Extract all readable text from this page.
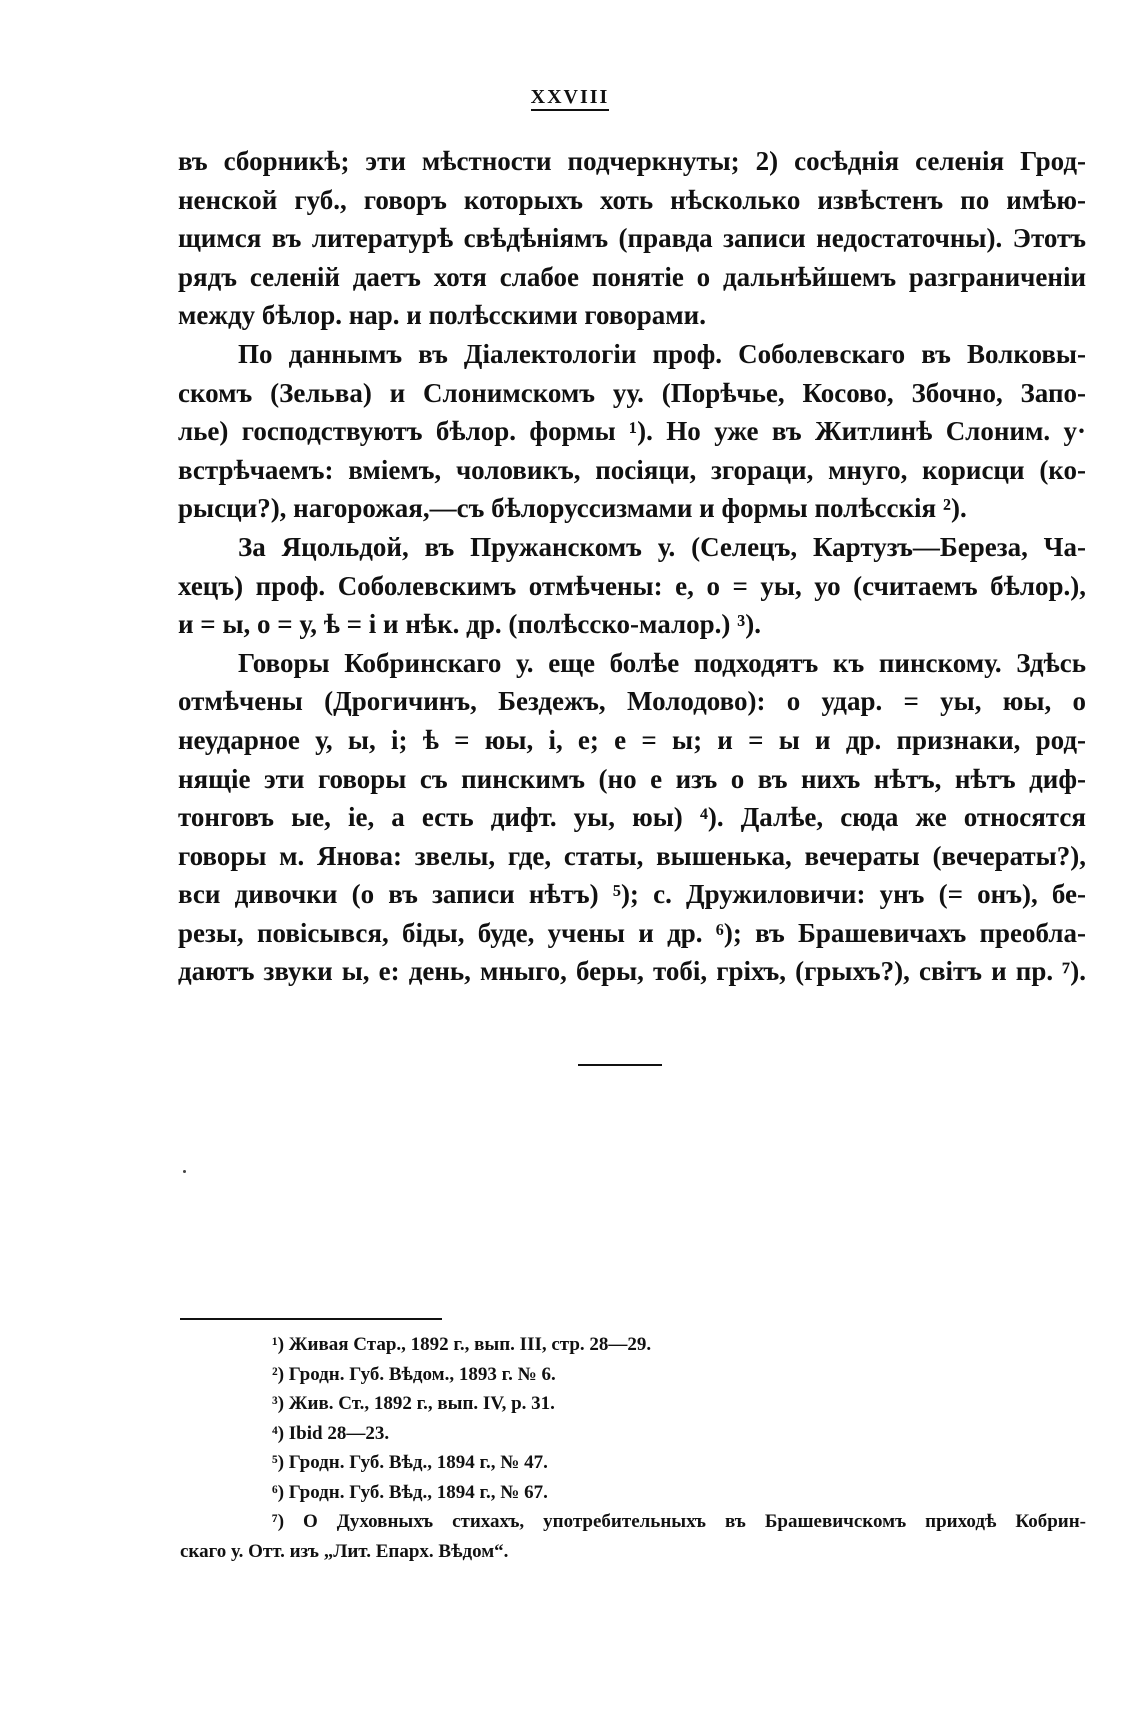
XXVIII

въ сборникѣ; эти мѣстности подчеркнуты; 2) сосѣднія селенія Грод-
ненской губ., говоръ которыхъ хоть нѣсколько извѣстенъ по имѣю-
щимся въ литературѣ свѣдѣніямъ (правда записи недостаточны). Этотъ
рядъ селеній даетъ хотя слабое понятіе о дальнѣйшемъ разграниченіи
между бѣлор. нар. и полѣсскими говорами.

По даннымъ въ Діалектологіи проф. Соболевскаго въ Волковы-
скомъ (Зельва) и Слонимскомъ уу. (Порѣчье, Косово, Збочно, Запо-
лье) господствуютъ бѣлор. формы ¹). Но уже въ Житлинѣ Слоним. у·
встрѣчаемъ: вміемъ, чоловикъ, посіяци, згораци, мнуго, корисци (ко-
рысци?), нагорожая,—съ бѣлоруссизмами и формы полѣсскія ²).

За Яцольдой, въ Пружанскомъ у. (Селецъ, Картузъ—Береза, Ча-
хецъ) проф. Соболевскимъ отмѣчены: е, о = уы, уо (считаемъ бѣлор.),
и = ы, о = у, ѣ = і и нѣк. др. (полѣсско-малор.) ³).

Говоры Кобринскаго у. еще болѣе подходятъ къ пинскому. Здѣсь
отмѣчены (Дрогичинъ, Бездежъ, Молодово): о удар. = уы, юы, о
неударное у, ы, і; ѣ = юы, і, е; е = ы; и = ы и др. признаки, род-
нящіе эти говоры съ пинскимъ (но е изъ о въ нихъ нѣтъ, нѣтъ диф-
тонговъ ые, іе, а есть дифт. уы, юы) ⁴). Далѣе, сюда же относятся
говоры м. Янова: звелы, где, статы, вышенька, вечераты (вечераты?),
вси дивочки (о въ записи нѣтъ) ⁵); с. Дружиловичи: унъ (= онъ), бе-
резы, повісывся, біды, буде, учены и др. ⁶); въ Брашевичахъ преобла-
даютъ звуки ы, е: день, мныго, беры, тобі, гріхъ, (грыхъ?), світъ и пр. ⁷).

¹) Живая Стар., 1892 г., вып. III, стр. 28—29.
²) Гродн. Губ. Вѣдом., 1893 г. № 6.
³) Жив. Ст., 1892 г., вып. IV, р. 31.
⁴) Ibid 28—23.
⁵) Гродн. Губ. Вѣд., 1894 г., № 47.
⁶) Гродн. Губ. Вѣд., 1894 г., № 67.
⁷) О Духовныхъ стихахъ, употребительныхъ въ Брашевичскомъ приходѣ Кобрин-
скаго у. Отт. изъ „Лит. Епарх. Вѣдом“.
